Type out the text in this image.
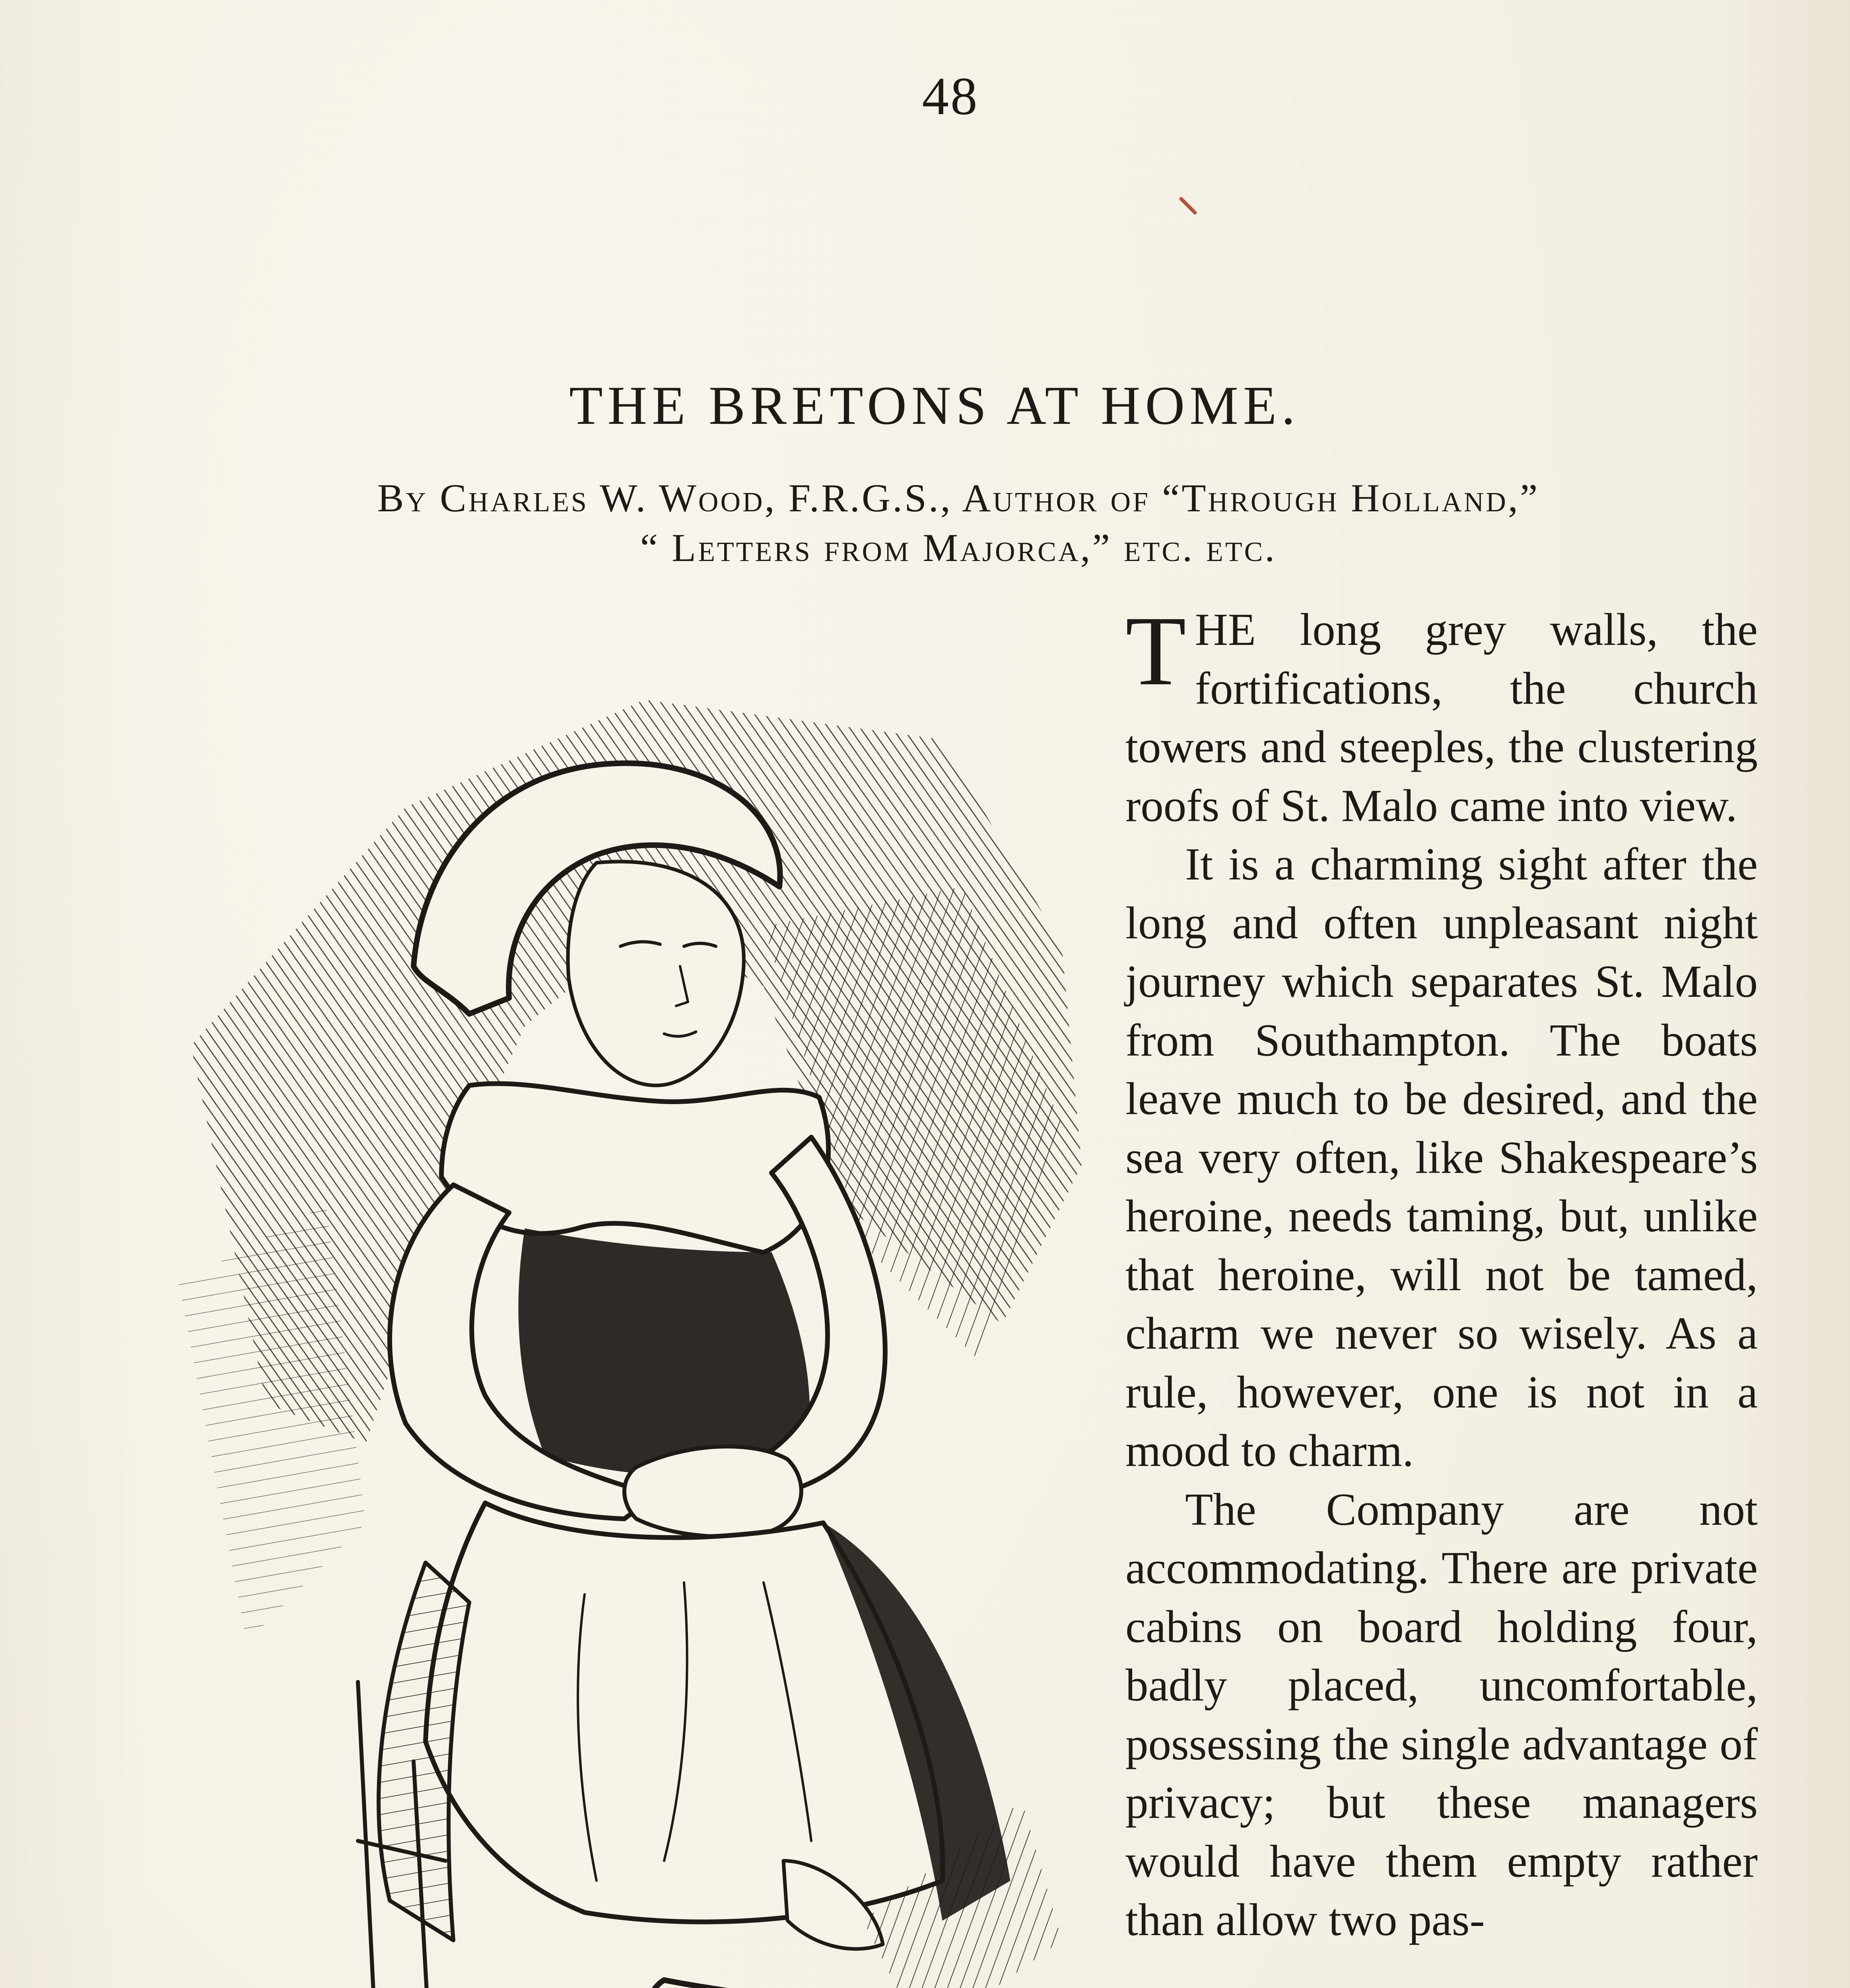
48
THE BRETONS AT HOME.
By Charles W. Wood, F.R.G.S., Author of “Through Holland,”
“ Letters from Majorca,” etc. etc.

THE long grey walls, the fortifications, the church towers and steeples, the clustering roofs of St. Malo came into view.

It is a charming sight after the long and often unpleasant night journey which separates St. Malo from Southampton. The boats leave much to be desired, and the sea very often, like Shakespeare’s heroine, needs taming, but, unlike that heroine, will not be tamed, charm we never so wisely. As a rule, however, one is not in a mood to charm.

The Company are not accommodating. There are private cabins on board holding four, badly placed, uncomfortable, possessing the single advantage of privacy; but these managers would have them empty rather than allow two pas-
